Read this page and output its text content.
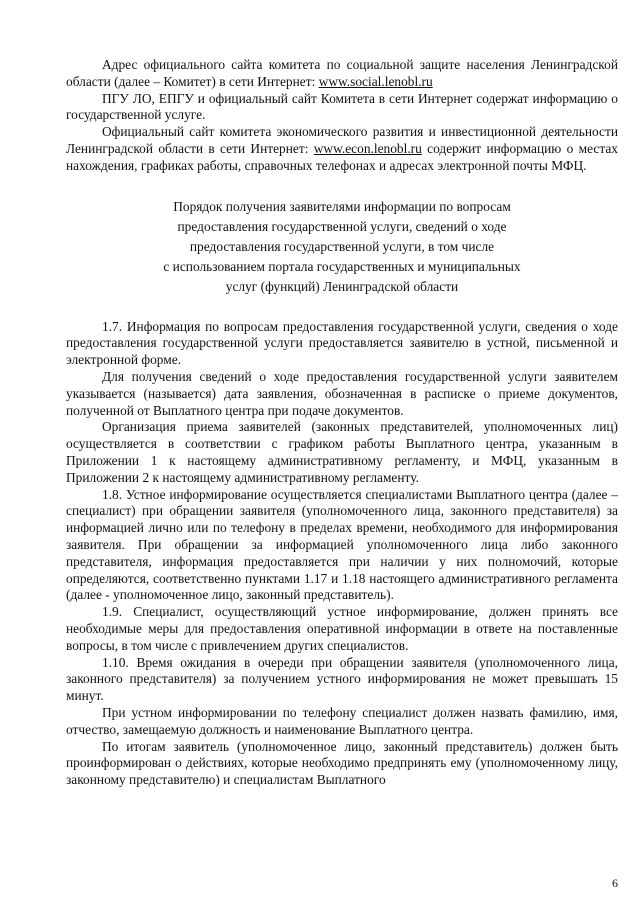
Адрес официального сайта комитета по социальной защите населения Ленинградской области (далее – Комитет) в сети Интернет: www.social.lenobl.ru

ПГУ ЛО, ЕПГУ и официальный сайт Комитета в сети Интернет содержат информацию о государственной услуге.

Официальный сайт комитета экономического развития и инвестиционной деятельности Ленинградской области в сети Интернет: www.econ.lenobl.ru содержит информацию о местах нахождения, графиках работы, справочных телефонах и адресах электронной почты МФЦ.

Порядок получения заявителями информации по вопросам
предоставления государственной услуги, сведений о ходе
предоставления государственной услуги, в том числе
с использованием портала государственных и муниципальных
услуг (функций) Ленинградской области

1.7. Информация по вопросам предоставления государственной услуги, сведения о ходе предоставления государственной услуги предоставляется заявителю в устной, письменной и электронной форме.

Для получения сведений о ходе предоставления государственной услуги заявителем указывается (называется) дата заявления, обозначенная в расписке о приеме документов, полученной от Выплатного центра при подаче документов.

Организация приема заявителей (законных представителей, уполномоченных лиц) осуществляется в соответствии с графиком работы Выплатного центра, указанным в Приложении 1 к настоящему административному регламенту, и МФЦ, указанным в Приложении 2 к настоящему административному регламенту.

1.8. Устное информирование осуществляется специалистами Выплатного центра (далее – специалист) при обращении заявителя (уполномоченного лица, законного представителя) за информацией лично или по телефону в пределах времени, необходимого для информирования заявителя. При обращении за информацией уполномоченного лица либо законного представителя, информация предоставляется при наличии у них полномочий, которые определяются, соответственно пунктами 1.17 и 1.18 настоящего административного регламента (далее - уполномоченное лицо, законный представитель).

1.9. Специалист, осуществляющий устное информирование, должен принять все необходимые меры для предоставления оперативной информации в ответе на поставленные вопросы, в том числе с привлечением других специалистов.

1.10. Время ожидания в очереди при обращении заявителя (уполномоченного лица, законного представителя) за получением устного информирования не может превышать 15 минут.

При устном информировании по телефону специалист должен назвать фамилию, имя, отчество, замещаемую должность и наименование Выплатного центра.

По итогам заявитель (уполномоченное лицо, законный представитель) должен быть проинформирован о действиях, которые необходимо предпринять ему (уполномоченному лицу, законному представителю) и специалистам Выплатного

6
